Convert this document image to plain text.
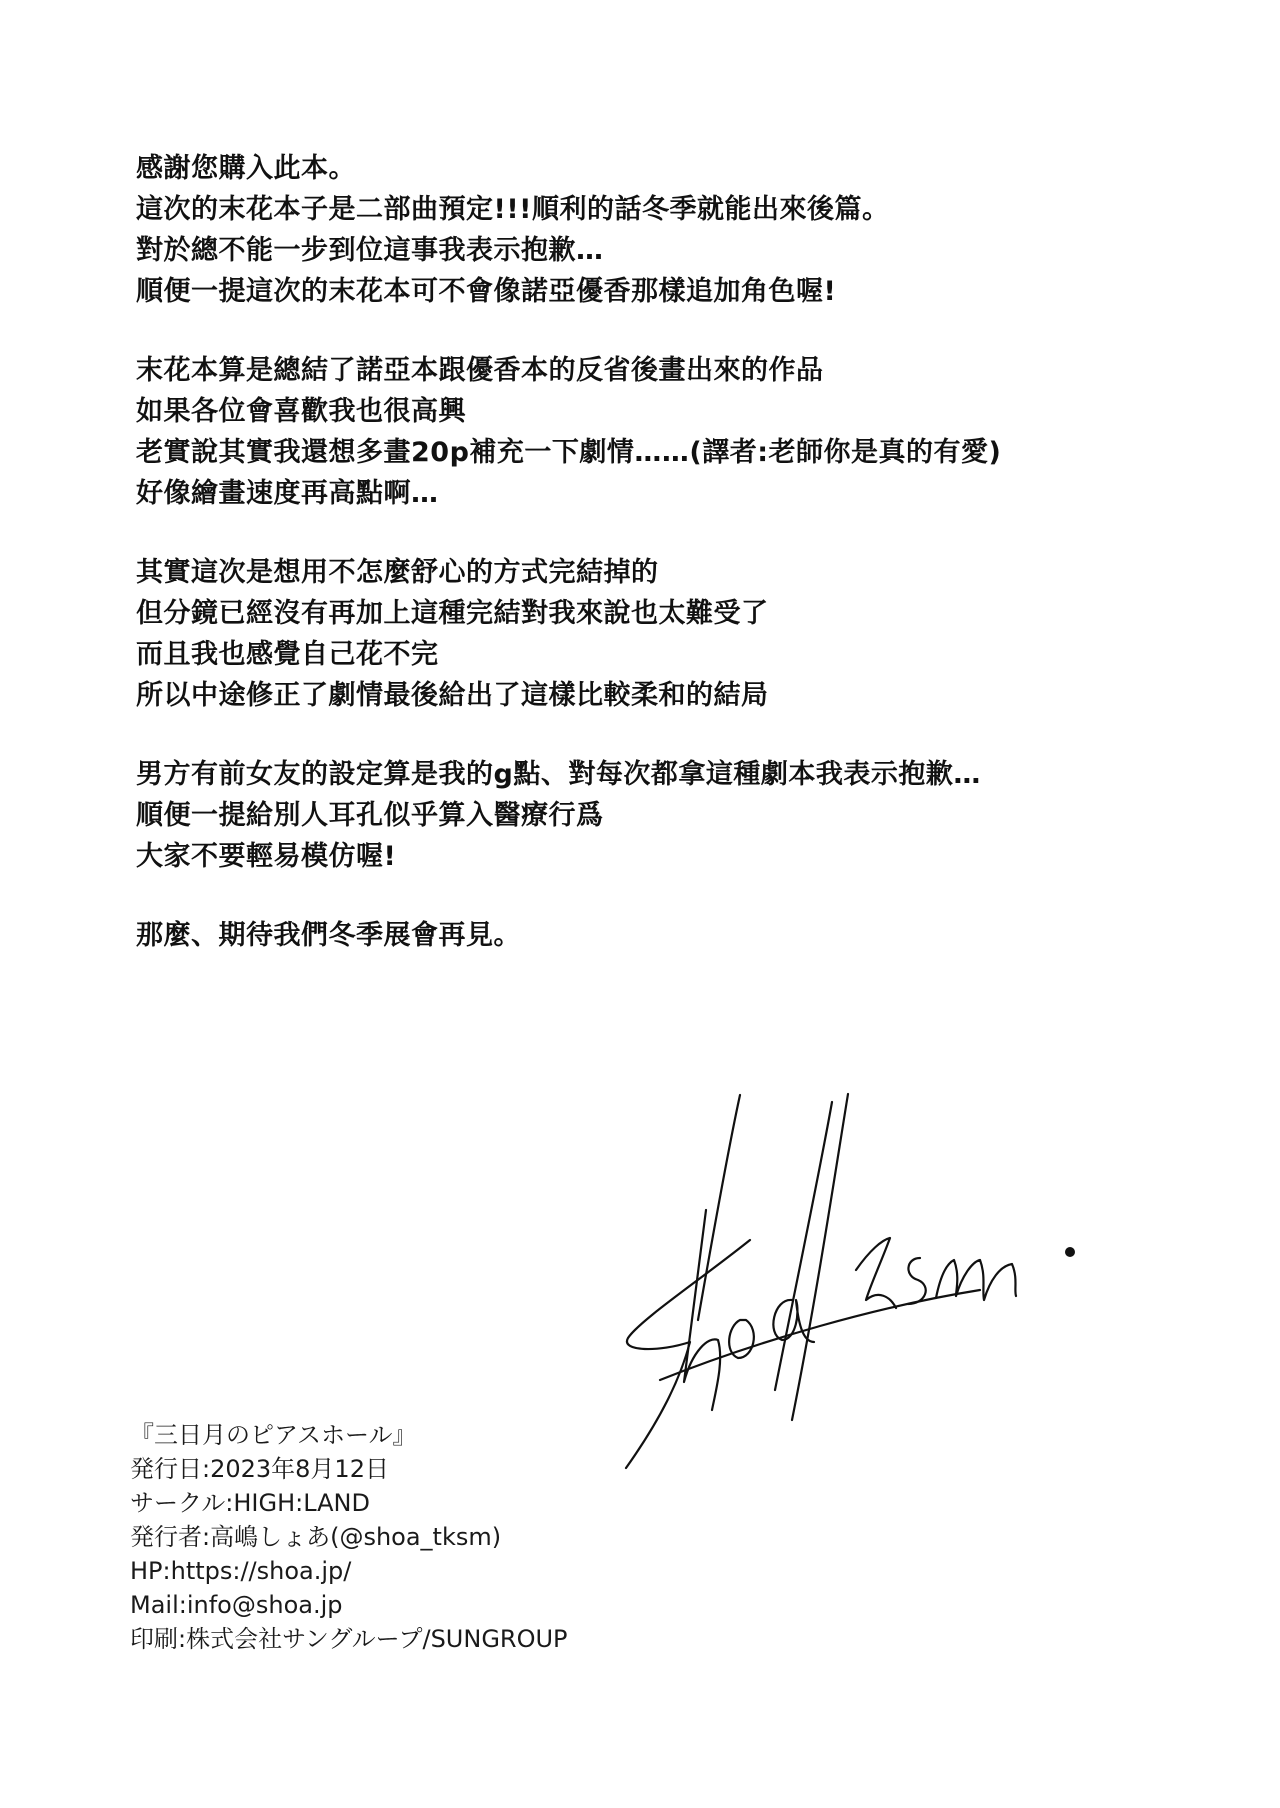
感謝您購入此本。
這次的末花本子是二部曲預定!!!順利的話冬季就能出來後篇。
對於總不能一步到位這事我表示抱歉…
順便一提這次的末花本可不會像諾亞優香那樣追加角色喔!
末花本算是總結了諾亞本跟優香本的反省後畫出來的作品
如果各位會喜歡我也很高興
老實說其實我還想多畫20p補充一下劇情……(譯者:老師你是真的有愛)
好像繪畫速度再高點啊…
其實這次是想用不怎麼舒心的方式完結掉的
但分鏡已經沒有再加上這種完結對我來說也太難受了
而且我也感覺自己花不完
所以中途修正了劇情最後給出了這樣比較柔和的結局
男方有前女友的設定算是我的g點、對每次都拿這種劇本我表示抱歉…
順便一提給別人耳孔似乎算入醫療行爲
大家不要輕易模仿喔!
那麼、期待我們冬季展會再見。
『三日月のピアスホール』
発行日:2023年8月12日
サークル:HIGH:LAND
発行者:高嶋しょあ(@shoa_tksm)
HP:https://shoa.jp/
Mail:info@shoa.jp
印刷:株式会社サングループ/SUNGROUP
